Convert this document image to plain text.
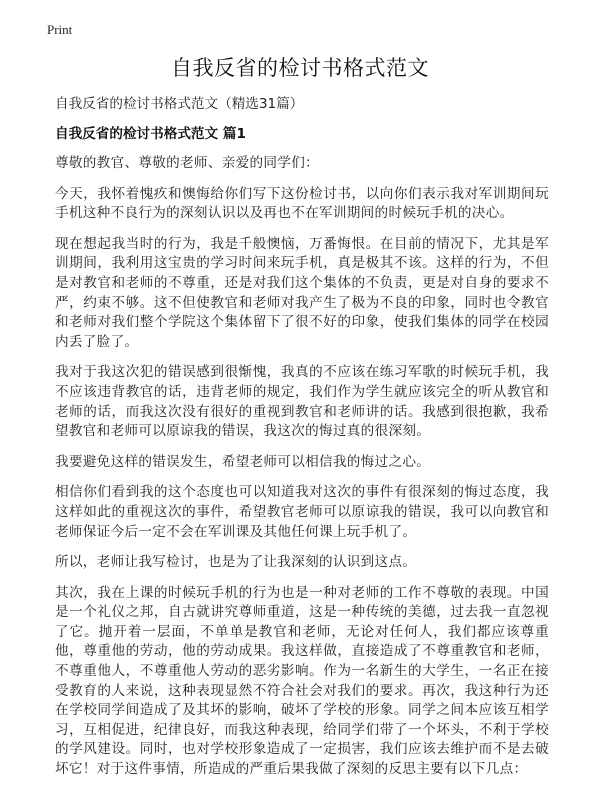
Print
自我反省的检讨书格式范文
自我反省的检讨书格式范文（精选31篇）
自我反省的检讨书格式范文 篇1

尊敬的教官、尊敬的老师、亲爱的同学们：

今天，我怀着愧疚和懊悔给你们写下这份检讨书，以向你们表示我对军训期间玩手机这种不良行为的深刻认识以及再也不在军训期间的时候玩手机的决心。

现在想起我当时的行为，我是千般懊恼，万番悔恨。在目前的情况下，尤其是军训期间，我利用这宝贵的学习时间来玩手机，真是极其不该。这样的行为，不但是对教官和老师的不尊重，还是对我们这个集体的不负责，更是对自身的要求不严，约束不够。这不但使教官和老师对我产生了极为不良的印象，同时也令教官和老师对我们整个学院这个集体留下了很不好的印象，使我们集体的同学在校园内丢了脸了。

我对于我这次犯的错误感到很惭愧，我真的不应该在练习军歌的时候玩手机，我不应该违背教官的话，违背老师的规定，我们作为学生就应该完全的听从教官和老师的话，而我这次没有很好的重视到教官和老师讲的话。我感到很抱歉，我希望教官和老师可以原谅我的错误，我这次的悔过真的很深刻。

我要避免这样的错误发生，希望老师可以相信我的悔过之心。

相信你们看到我的这个态度也可以知道我对这次的事件有很深刻的悔过态度，我这样如此的重视这次的事件，希望教官老师可以原谅我的错误，我可以向教官和老师保证今后一定不会在军训课及其他任何课上玩手机了。

所以，老师让我写检讨，也是为了让我深刻的认识到这点。

其次，我在上课的时候玩手机的行为也是一种对老师的工作不尊敬的表现。中国是一个礼仪之邦，自古就讲究尊师重道，这是一种传统的美德，过去我一直忽视了它。抛开着一层面，不单单是教官和老师，无论对任何人，我们都应该尊重他，尊重他的劳动，他的劳动成果。我这样做，直接造成了不尊重教官和老师，不尊重他人，不尊重他人劳动的恶劣影响。作为一名新生的大学生，一名正在接受教育的人来说，这种表现显然不符合社会对我们的要求。再次，我这种行为还在学校同学间造成了及其坏的影响，破坏了学校的形象。同学之间本应该互相学习，互相促进，纪律良好，而我这种表现，给同学们带了一个坏头，不利于学校的学风建设。同时，也对学校形象造成了一定损害，我们应该去维护而不是去破坏它！对于这件事情，所造成的严重后果我做了深刻的反思主要有以下几点：
